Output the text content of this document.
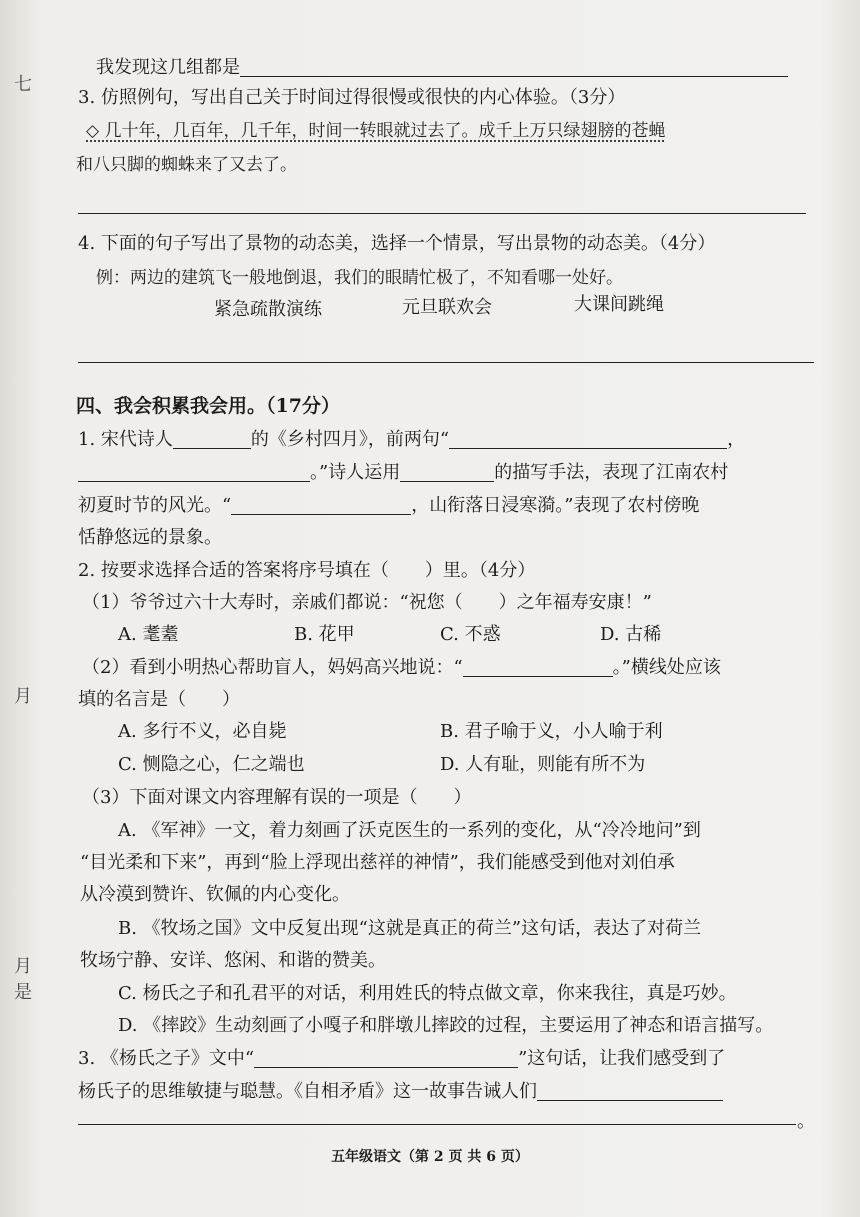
七
月
月
是
我发现这几组都是
3. 仿照例句，写出自己关于时间过得很慢或很快的内心体验。（3分）
◇ 几十年，几百年，几千年，时间一转眼就过去了。成千上万只绿翅膀的苍蝇
和八只脚的蜘蛛来了又去了。
4. 下面的句子写出了景物的动态美，选择一个情景，写出景物的动态美。（4分）
例：两边的建筑飞一般地倒退，我们的眼睛忙极了，不知看哪一处好。
紧急疏散演练	元旦联欢会	大课间跳绳
四、我会积累我会用。（17分）
1. 宋代诗人	的《乡村四月》，前两句“	，
。”诗人运用	的描写手法，表现了江南农村
初夏时节的风光。“	，山衔落日浸寒漪。”表现了农村傍晚
恬静悠远的景象。
2. 按要求选择合适的答案将序号填在（　　）里。（4分）
（1）爷爷过六十大寿时，亲戚们都说：“祝您（　　）之年福寿安康！”
A. 耄耋	B. 花甲	C. 不惑	D. 古稀
（2）看到小明热心帮助盲人，妈妈高兴地说：“	。”横线处应该
填的名言是（　　）
A. 多行不义，必自毙	B. 君子喻于义，小人喻于利
C. 恻隐之心，仁之端也	D. 人有耻，则能有所不为
（3）下面对课文内容理解有误的一项是（　　）
A. 《军神》一文，着力刻画了沃克医生的一系列的变化，从“冷冷地问”到
“目光柔和下来”，再到“脸上浮现出慈祥的神情”，我们能感受到他对刘伯承
从冷漠到赞许、钦佩的内心变化。
B. 《牧场之国》文中反复出现“这就是真正的荷兰”这句话，表达了对荷兰
牧场宁静、安详、悠闲、和谐的赞美。
C. 杨氏之子和孔君平的对话，利用姓氏的特点做文章，你来我往，真是巧妙。
D. 《摔跤》生动刻画了小嘎子和胖墩儿摔跤的过程，主要运用了神态和语言描写。
3. 《杨氏之子》文中“	”这句话，让我们感受到了
杨氏子的思维敏捷与聪慧。《自相矛盾》这一故事告诫人们
。
五年级语文（第 2 页 共 6 页）
